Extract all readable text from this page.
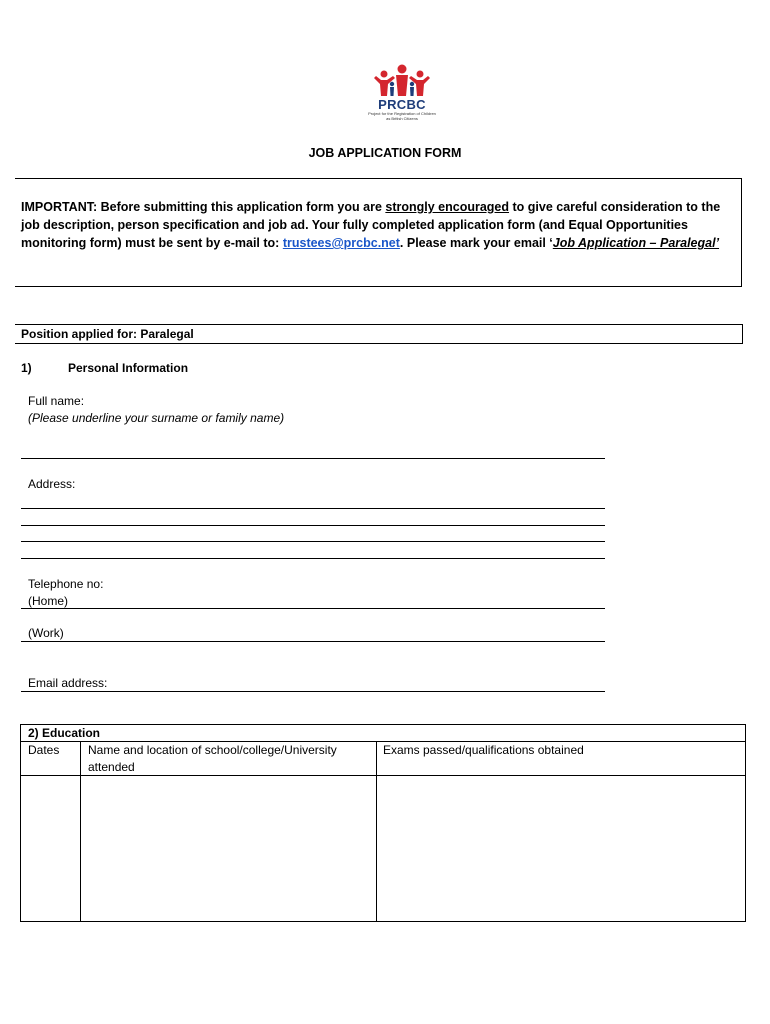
PRCBC
Project for the Registration of Children as British Citizens
JOB APPLICATION FORM
IMPORTANT: Before submitting this application form you are strongly encouraged to give careful consideration to the job description, person specification and job ad. Your fully completed application form (and Equal Opportunities monitoring form) must be sent by e-mail to: trustees@prcbc.net. Please mark your email ‘Job Application – Paralegal’
Position applied for: Paralegal
1)	Personal Information
Full name:
(Please underline your surname or family name)
Address:
Telephone no:
(Home)
(Work)
Email address:
2) Education
Dates Name and location of school/college/University attended
Exams passed/qualifications obtained
